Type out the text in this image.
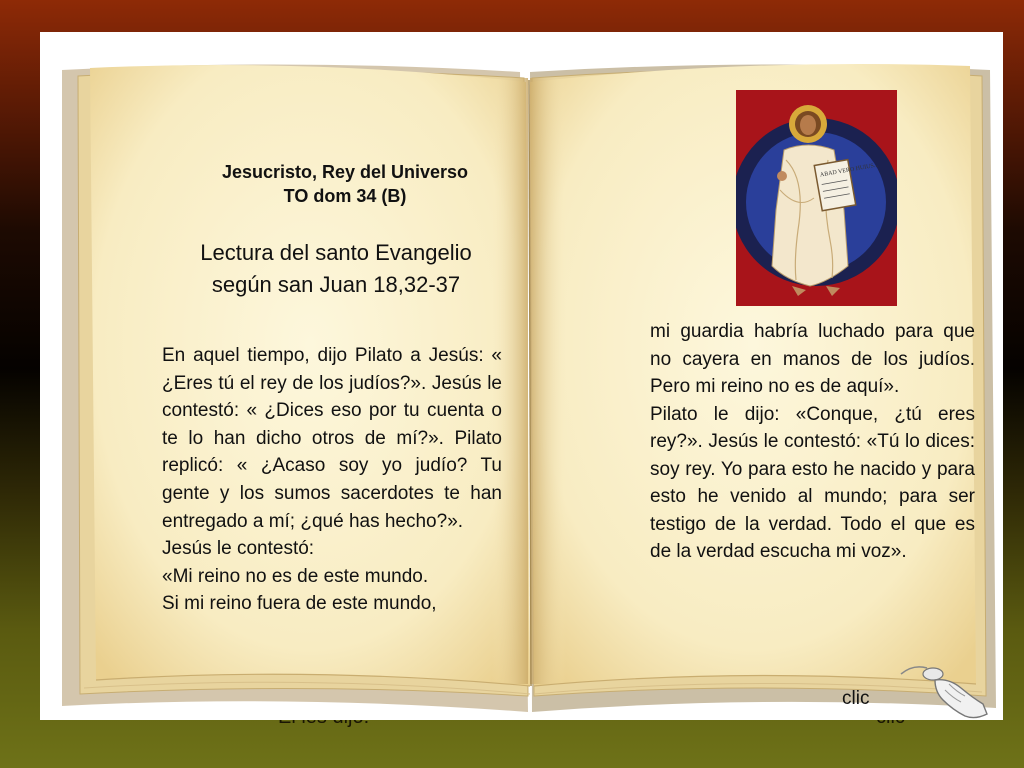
Jesucristo, Rey del Universo
TO dom 34 (B)
Lectura del santo Evangelio
según san Juan 18,32-37

En aquel tiempo, dijo Pilato a Jesús: « ¿Eres tú el rey de los judíos?». Jesús le contestó: « ¿Dices eso por tu cuenta o te lo han dicho otros de mí?». Pilato replicó: « ¿Acaso soy yo judío? Tu gente y los sumos sacerdotes te han entregado a mí; ¿qué has hecho?».

Jesús le contestó:

«Mi reino no es de este mundo.

Si mi reino fuera de este mundo,

mi guardia habría luchado para que no cayera en manos de los judíos. Pero mi reino no es de aquí».

Pilato le dijo: «Conque, ¿tú eres rey?». Jesús le contestó: «Tú lo dices: soy rey. Yo para esto he nacido y para esto he venido al mundo; para ser testigo de la verdad. Todo el que es de la verdad escucha mi voz».

ABAD VERO HUIUS...
clic
